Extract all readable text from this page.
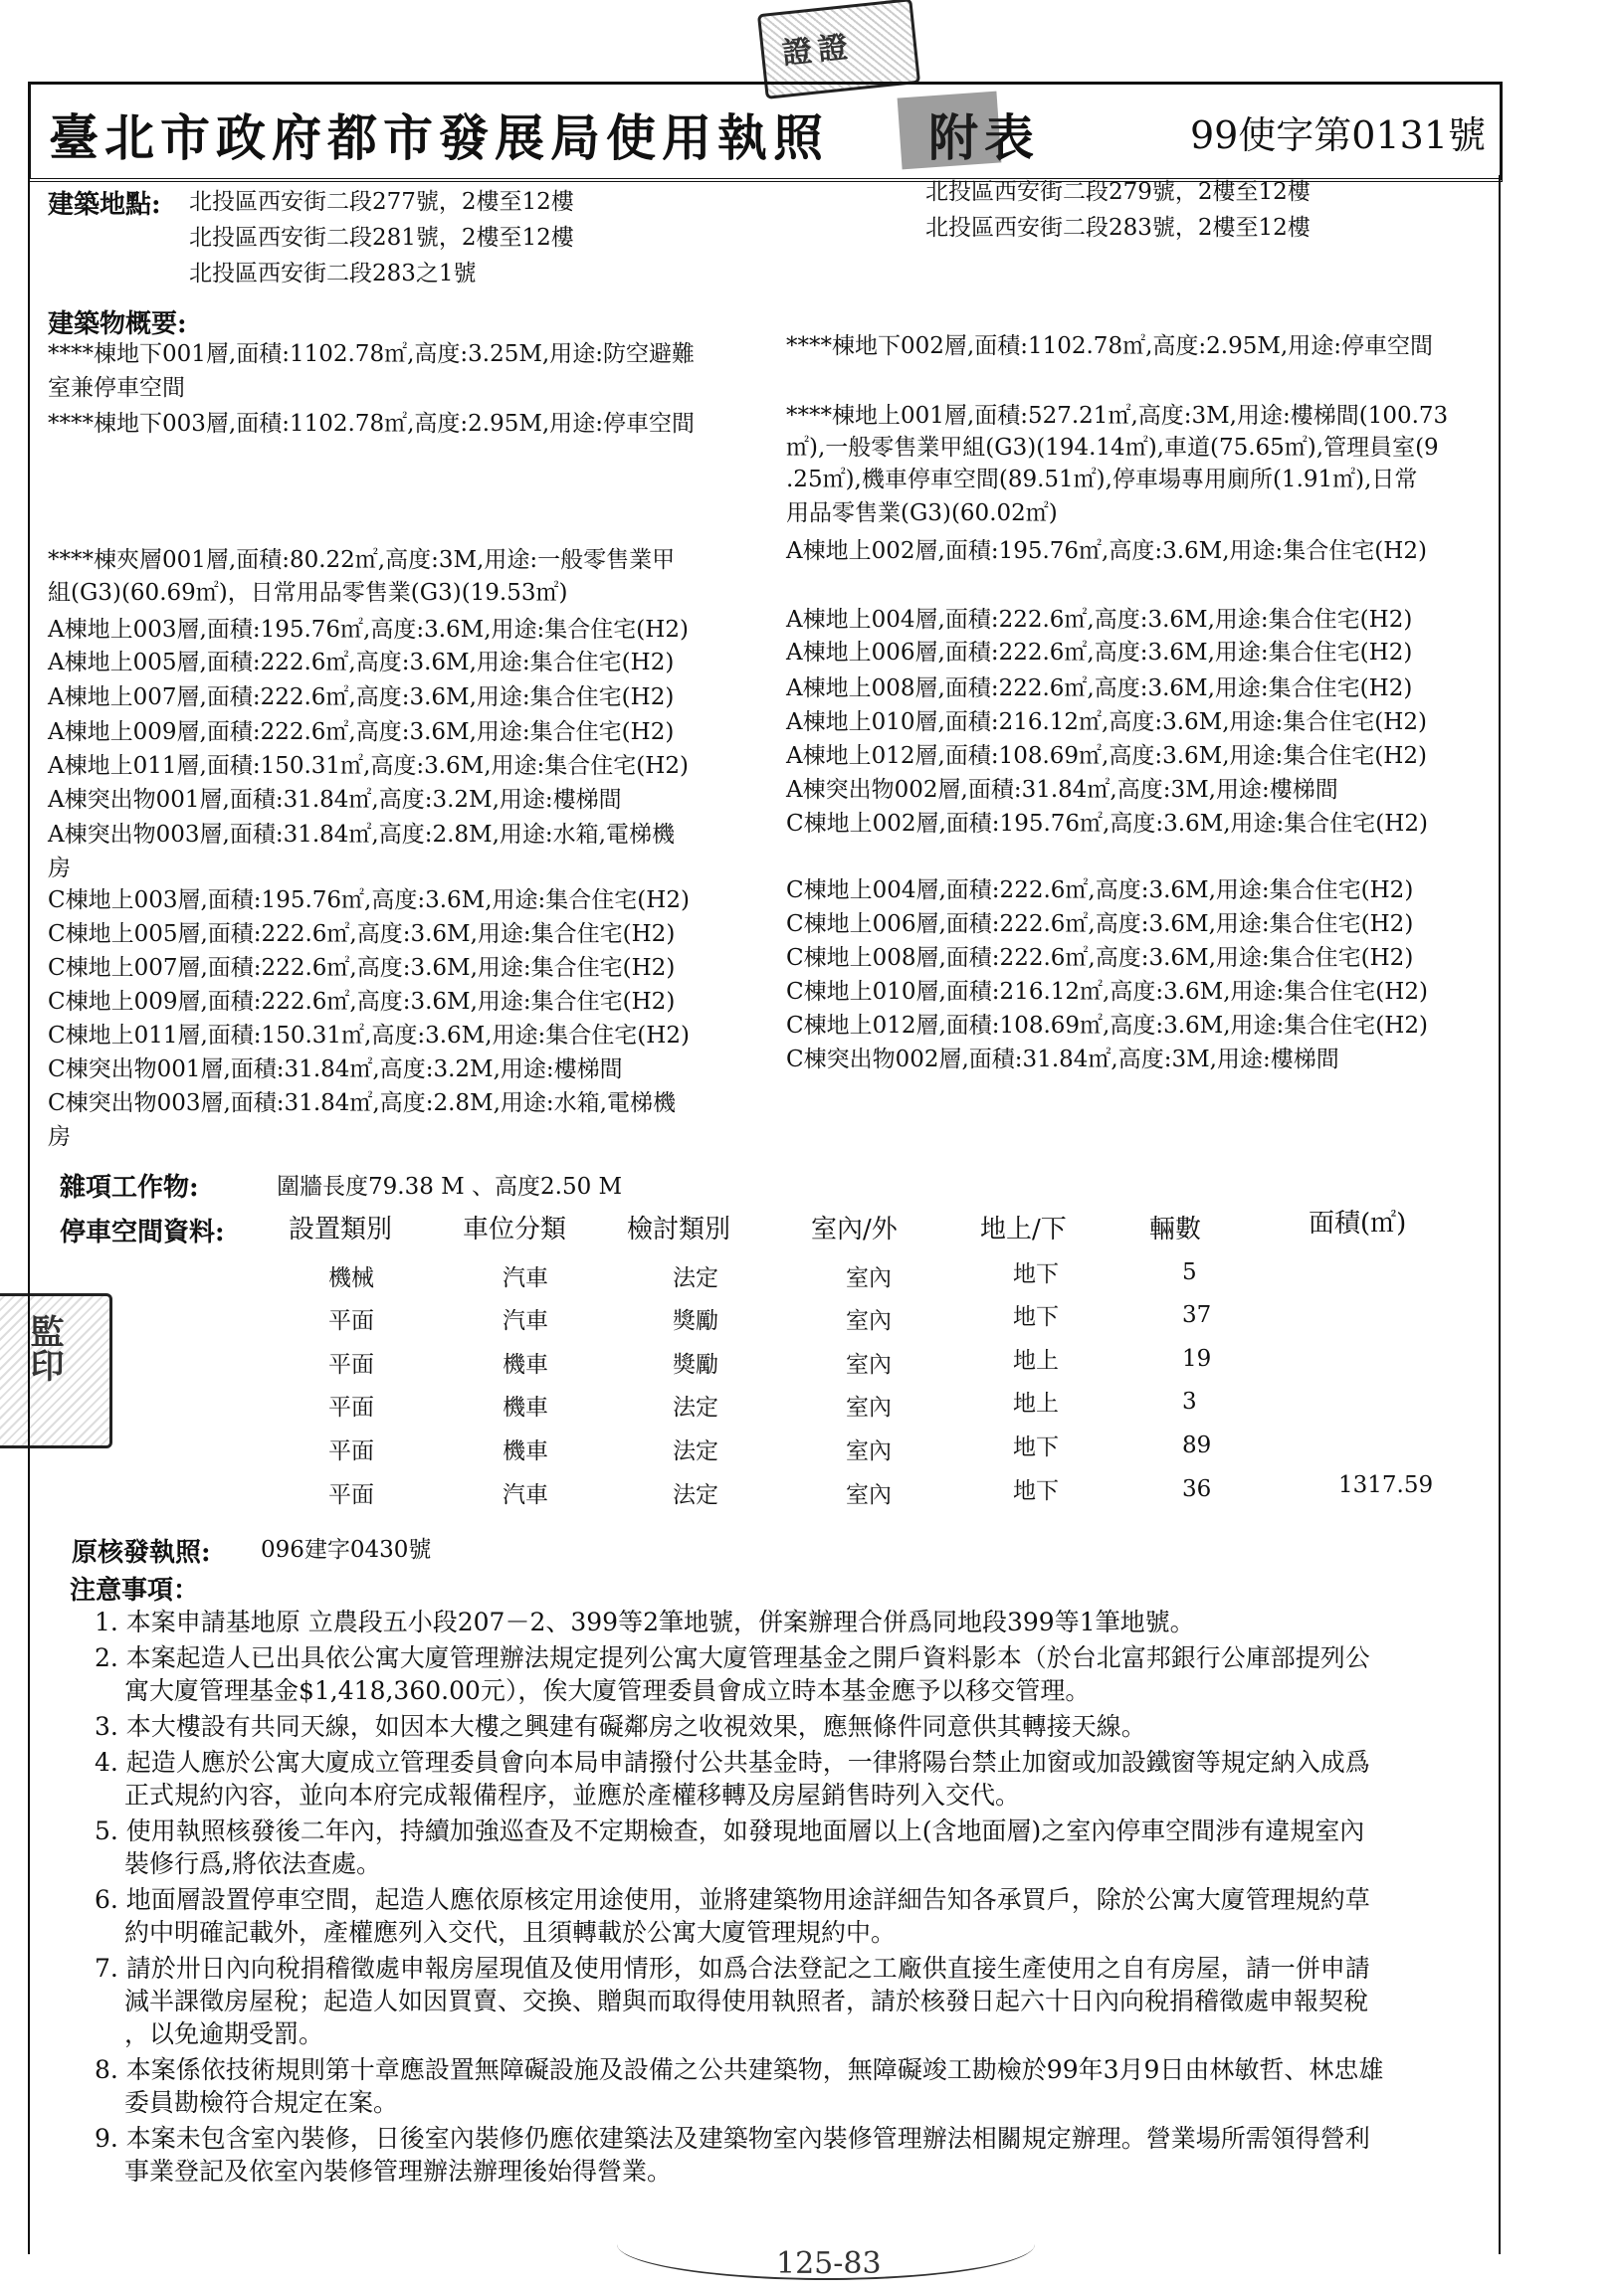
證證
監印
臺北市政府都市發展局使用執照 附表	99使字第0131號
建築地點: 北投區西安街二段277號，2樓至12樓	北投區西安街二段279號，2樓至12樓
北投區西安街二段281號，2樓至12樓	北投區西安街二段283號，2樓至12樓
北投區西安街二段283之1號
建築物概要:
****棟地下001層,面積:1102.78㎡,高度:3.25M,用途:防空避難
室兼停車空間
****棟地下002層,面積:1102.78㎡,高度:2.95M,用途:停車空間
****棟地下003層,面積:1102.78㎡,高度:2.95M,用途:停車空間	****棟地上001層,面積:527.21㎡,高度:3M,用途:樓梯間(100.73
㎡),一般零售業甲組(G3)(194.14㎡),車道(75.65㎡),管理員室(9
.25㎡),機車停車空間(89.51㎡),停車場專用廁所(1.91㎡),日常
用品零售業(G3)(60.02㎡)
****棟夾層001層,面積:80.22㎡,高度:3M,用途:一般零售業甲
組(G3)(60.69㎡)，日常用品零售業(G3)(19.53㎡)
A棟地上002層,面積:195.76㎡,高度:3.6M,用途:集合住宅(H2)
A棟地上003層,面積:195.76㎡,高度:3.6M,用途:集合住宅(H2)	A棟地上004層,面積:222.6㎡,高度:3.6M,用途:集合住宅(H2)
A棟地上005層,面積:222.6㎡,高度:3.6M,用途:集合住宅(H2)	A棟地上006層,面積:222.6㎡,高度:3.6M,用途:集合住宅(H2)
A棟地上007層,面積:222.6㎡,高度:3.6M,用途:集合住宅(H2)	A棟地上008層,面積:222.6㎡,高度:3.6M,用途:集合住宅(H2)
A棟地上009層,面積:222.6㎡,高度:3.6M,用途:集合住宅(H2)	A棟地上010層,面積:216.12㎡,高度:3.6M,用途:集合住宅(H2)
A棟地上011層,面積:150.31㎡,高度:3.6M,用途:集合住宅(H2)	A棟地上012層,面積:108.69㎡,高度:3.6M,用途:集合住宅(H2)
A棟突出物001層,面積:31.84㎡,高度:3.2M,用途:樓梯間	A棟突出物002層,面積:31.84㎡,高度:3M,用途:樓梯間
A棟突出物003層,面積:31.84㎡,高度:2.8M,用途:水箱,電梯機
房
C棟地上002層,面積:195.76㎡,高度:3.6M,用途:集合住宅(H2)
C棟地上003層,面積:195.76㎡,高度:3.6M,用途:集合住宅(H2)	C棟地上004層,面積:222.6㎡,高度:3.6M,用途:集合住宅(H2)
C棟地上005層,面積:222.6㎡,高度:3.6M,用途:集合住宅(H2)	C棟地上006層,面積:222.6㎡,高度:3.6M,用途:集合住宅(H2)
C棟地上007層,面積:222.6㎡,高度:3.6M,用途:集合住宅(H2)	C棟地上008層,面積:222.6㎡,高度:3.6M,用途:集合住宅(H2)
C棟地上009層,面積:222.6㎡,高度:3.6M,用途:集合住宅(H2)	C棟地上010層,面積:216.12㎡,高度:3.6M,用途:集合住宅(H2)
C棟地上011層,面積:150.31㎡,高度:3.6M,用途:集合住宅(H2)	C棟地上012層,面積:108.69㎡,高度:3.6M,用途:集合住宅(H2)
C棟突出物001層,面積:31.84㎡,高度:3.2M,用途:樓梯間	C棟突出物002層,面積:31.84㎡,高度:3M,用途:樓梯間
C棟突出物003層,面積:31.84㎡,高度:2.8M,用途:水箱,電梯機
房
雜項工作物:	圍牆長度79.38 M 、高度2.50 M
停車空間資料: 設置類別	車位分類 檢討類別	室內/外	地上/下	輛數	面積(㎡)
機械	汽車	法定	室內	地下	5
平面	汽車	獎勵	室內	地下	37
平面	機車	獎勵	室內	地上	19
平面	機車	法定	室內	地上	3
平面	機車	法定	室內	地下	89
平面	汽車	法定	室內	地下	36	1317.59
原核發執照: 096建字0430號
注意事項：
1. 本案申請基地原 立農段五小段207－2、399等2筆地號，併案辦理合併爲同地段399等1筆地號。
2. 本案起造人已出具依公寓大廈管理辦法規定提列公寓大廈管理基金之開戶資料影本（於台北富邦銀行公庫部提列公
寓大廈管理基金$1,418,360.00元），俟大廈管理委員會成立時本基金應予以移交管理。
3. 本大樓設有共同天線，如因本大樓之興建有礙鄰房之收視效果，應無條件同意供其轉接天線。
4. 起造人應於公寓大廈成立管理委員會向本局申請撥付公共基金時，一律將陽台禁止加窗或加設鐵窗等規定納入成爲
正式規約內容，並向本府完成報備程序，並應於產權移轉及房屋銷售時列入交代。
5. 使用執照核發後二年內，持續加強巡查及不定期檢查，如發現地面層以上(含地面層)之室內停車空間涉有違規室內
裝修行爲,將依法查處。
6. 地面層設置停車空間，起造人應依原核定用途使用，並將建築物用途詳細告知各承買戶，除於公寓大廈管理規約草
約中明確記載外，產權應列入交代，且須轉載於公寓大廈管理規約中。
7. 請於卅日內向稅捐稽徵處申報房屋現值及使用情形，如爲合法登記之工廠供直接生產使用之自有房屋，請一併申請
減半課徵房屋稅；起造人如因買賣、交換、贈與而取得使用執照者，請於核發日起六十日內向稅捐稽徵處申報契稅
，以免逾期受罰。
8. 本案係依技術規則第十章應設置無障礙設施及設備之公共建築物，無障礙竣工勘檢於99年3月9日由林敏哲、林忠雄
委員勘檢符合規定在案。
9. 本案未包含室內裝修，日後室內裝修仍應依建築法及建築物室內裝修管理辦法相關規定辦理。營業場所需領得營利
事業登記及依室內裝修管理辦法辦理後始得營業。
125-83
